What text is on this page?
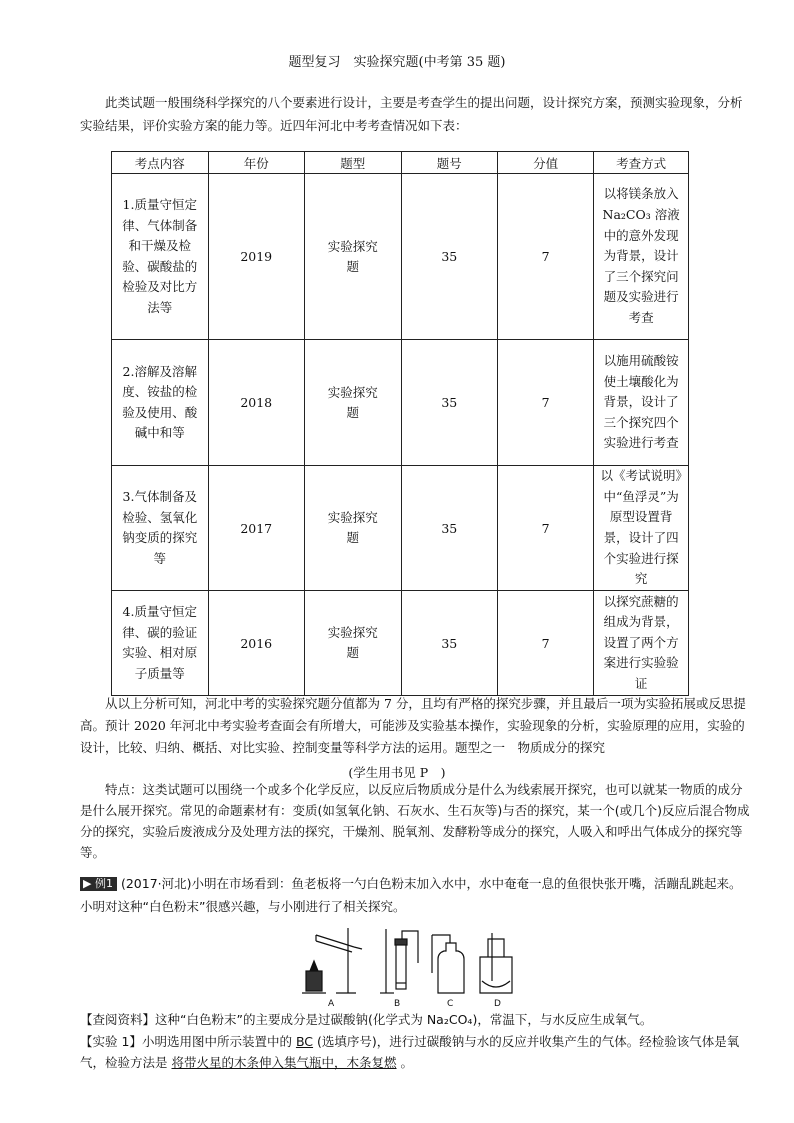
题型复习　实验探究题(中考第 35 题)
此类试题一般围绕科学探究的八个要素进行设计，主要是考查学生的提出问题，设计探究方案，预测实验现象，分析实验结果，评价实验方案的能力等。近四年河北中考考查情况如下表：
考点内容	年份	题型	题号	分值	考查方式

1.质量守恒定律、气体制备和干燥及检验、碳酸盐的检验及对比方法等	2019	实验探究题	35	7	以将镁条放入 Na₂CO₃ 溶液中的意外发现为背景，设计了三个探究问题及实验进行考查

2.溶解及溶解度、铵盐的检验及使用、酸碱中和等	2018	实验探究题	35	7	以施用硫酸铵使土壤酸化为背景，设计了三个探究四个实验进行考查

3.气体制备及检验、氢氧化钠变质的探究等	2017	实验探究题	35	7	以《考试说明》中“鱼浮灵”为原型设置背景，设计了四个实验进行探究

4.质量守恒定律、碳的验证实验、相对原子质量等	2016	实验探究题	35	7	以探究蔗糖的组成为背景，设置了两个方案进行实验验证
从以上分析可知，河北中考的实验探究题分值都为 7 分，且均有严格的探究步骤，并且最后一项为实验拓展或反思提高。预计 2020 年河北中考实验考查面会有所增大，可能涉及实验基本操作，实验现象的分析，实验原理的应用，实验的设计，比较、归纳、概括、对比实验、控制变量等科学方法的运用。题型之一　物质成分的探究
(学生用书见 P　)
特点：这类试题可以围绕一个或多个化学反应，以反应后物质成分是什么为线索展开探究，也可以就某一物质的成分是什么展开探究。常见的命题素材有：变质(如氢氧化钠、石灰水、生石灰等)与否的探究，某一个(或几个)反应后混合物成分的探究，实验后废液成分及处理方法的探究，干燥剂、脱氧剂、发酵粉等成分的探究，人吸入和呼出气体成分的探究等等。
▶ 例1 (2017·河北)小明在市场看到：鱼老板将一勺白色粉末加入水中，水中奄奄一息的鱼很快张开嘴，活蹦乱跳起来。小明对这种“白色粉末”很感兴趣，与小刚进行了相关探究。
A	B	C	D
【查阅资料】这种“白色粉末”的主要成分是过碳酸钠(化学式为 Na₂CO₄)，常温下，与水反应生成氧气。
【实验 1】小明选用图中所示装置中的 BC (选填序号)，进行过碳酸钠与水的反应并收集产生的气体。经检验该气体是氧气，检验方法是 将带火星的木条伸入集气瓶中，木条复燃 。
